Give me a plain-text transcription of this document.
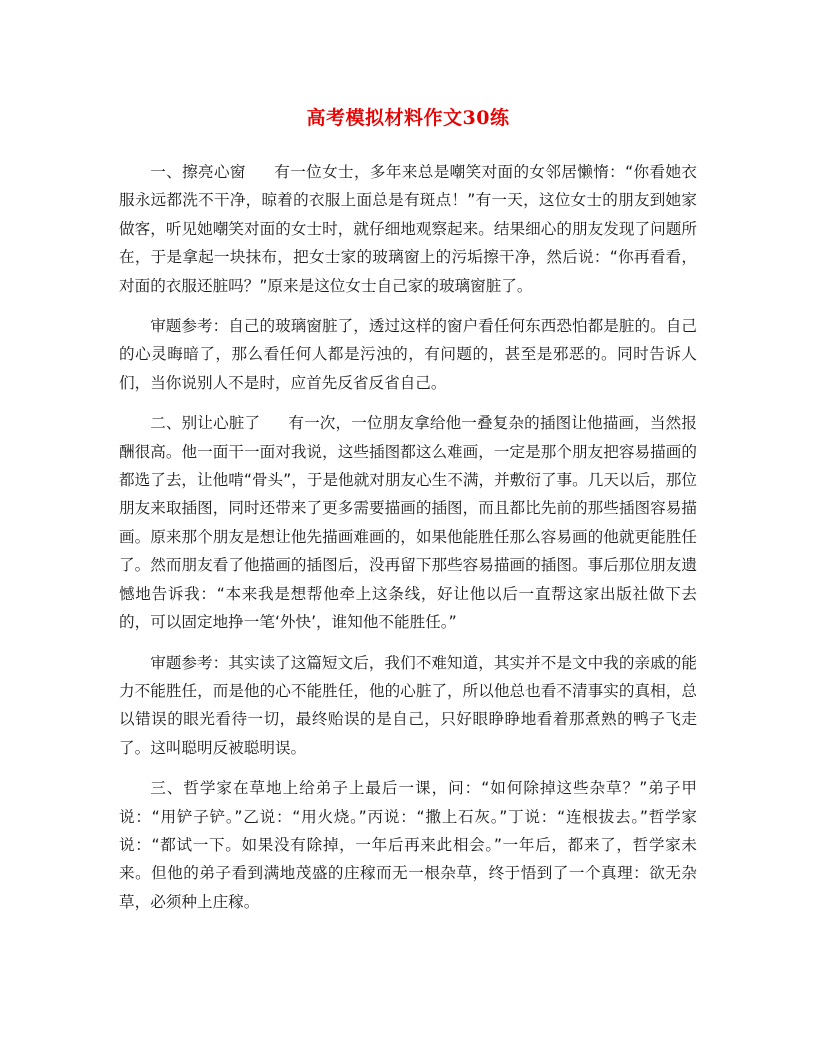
高考模拟材料作文30练

一、擦亮心窗 有一位女士，多年来总是嘲笑对面的女邻居懒惰：“你看她衣服永远都洗不干净，晾着的衣服上面总是有斑点！”有一天，这位女士的朋友到她家做客，听见她嘲笑对面的女士时，就仔细地观察起来。结果细心的朋友发现了问题所在，于是拿起一块抹布，把女士家的玻璃窗上的污垢擦干净，然后说：“你再看看，对面的衣服还脏吗？”原来是这位女士自己家的玻璃窗脏了。

审题参考：自己的玻璃窗脏了，透过这样的窗户看任何东西恐怕都是脏的。自己的心灵晦暗了，那么看任何人都是污浊的，有问题的，甚至是邪恶的。同时告诉人们，当你说别人不是时，应首先反省反省自己。

二、别让心脏了 有一次，一位朋友拿给他一叠复杂的插图让他描画，当然报酬很高。他一面干一面对我说，这些插图都这么难画，一定是那个朋友把容易描画的都选了去，让他啃“骨头”，于是他就对朋友心生不满，并敷衍了事。几天以后，那位朋友来取插图，同时还带来了更多需要描画的插图，而且都比先前的那些插图容易描画。原来那个朋友是想让他先描画难画的，如果他能胜任那么容易画的他就更能胜任了。然而朋友看了他描画的插图后，没再留下那些容易描画的插图。事后那位朋友遗憾地告诉我：“本来我是想帮他牵上这条线，好让他以后一直帮这家出版社做下去的，可以固定地挣一笔‘外快’，谁知他不能胜任。”

审题参考：其实读了这篇短文后，我们不难知道，其实并不是文中我的亲戚的能力不能胜任，而是他的心不能胜任，他的心脏了，所以他总也看不清事实的真相，总以错误的眼光看待一切，最终贻误的是自己，只好眼睁睁地看着那煮熟的鸭子飞走了。这叫聪明反被聪明误。

三、哲学家在草地上给弟子上最后一课，问：“如何除掉这些杂草？”弟子甲说：“用铲子铲。”乙说：“用火烧。”丙说：“撒上石灰。”丁说：“连根拔去。”哲学家说：“都试一下。如果没有除掉，一年后再来此相会。”一年后，都来了，哲学家未来。但他的弟子看到满地茂盛的庄稼而无一根杂草，终于悟到了一个真理：欲无杂草，必须种上庄稼。
